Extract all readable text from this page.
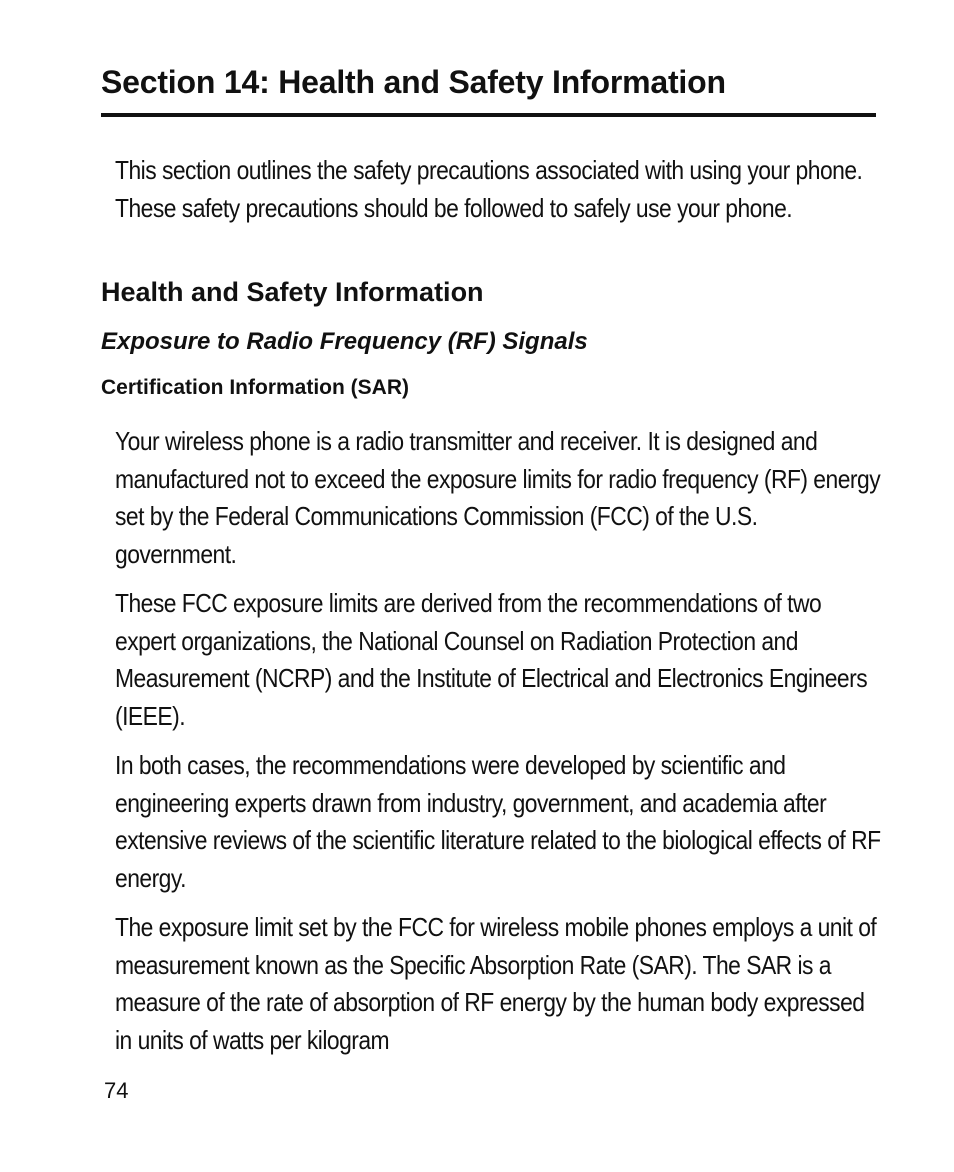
Section 14: Health and Safety Information

This section outlines the safety precautions associated with using your phone. These safety precautions should be followed to safely use your phone.

Health and Safety Information
Exposure to Radio Frequency (RF) Signals
Certification Information (SAR)

Your wireless phone is a radio transmitter and receiver. It is designed and manufactured not to exceed the exposure limits for radio frequency (RF) energy set by the Federal Communications Commission (FCC) of the U.S. government.

These FCC exposure limits are derived from the recommendations of two expert organizations, the National Counsel on Radiation Protection and Measurement (NCRP) and the Institute of Electrical and Electronics Engineers (IEEE).

In both cases, the recommendations were developed by scientific and engineering experts drawn from industry, government, and academia after extensive reviews of the scientific literature related to the biological effects of RF energy.

The exposure limit set by the FCC for wireless mobile phones employs a unit of measurement known as the Specific Absorption Rate (SAR). The SAR is a measure of the rate of absorption of RF energy by the human body expressed in units of watts per kilogram

74
